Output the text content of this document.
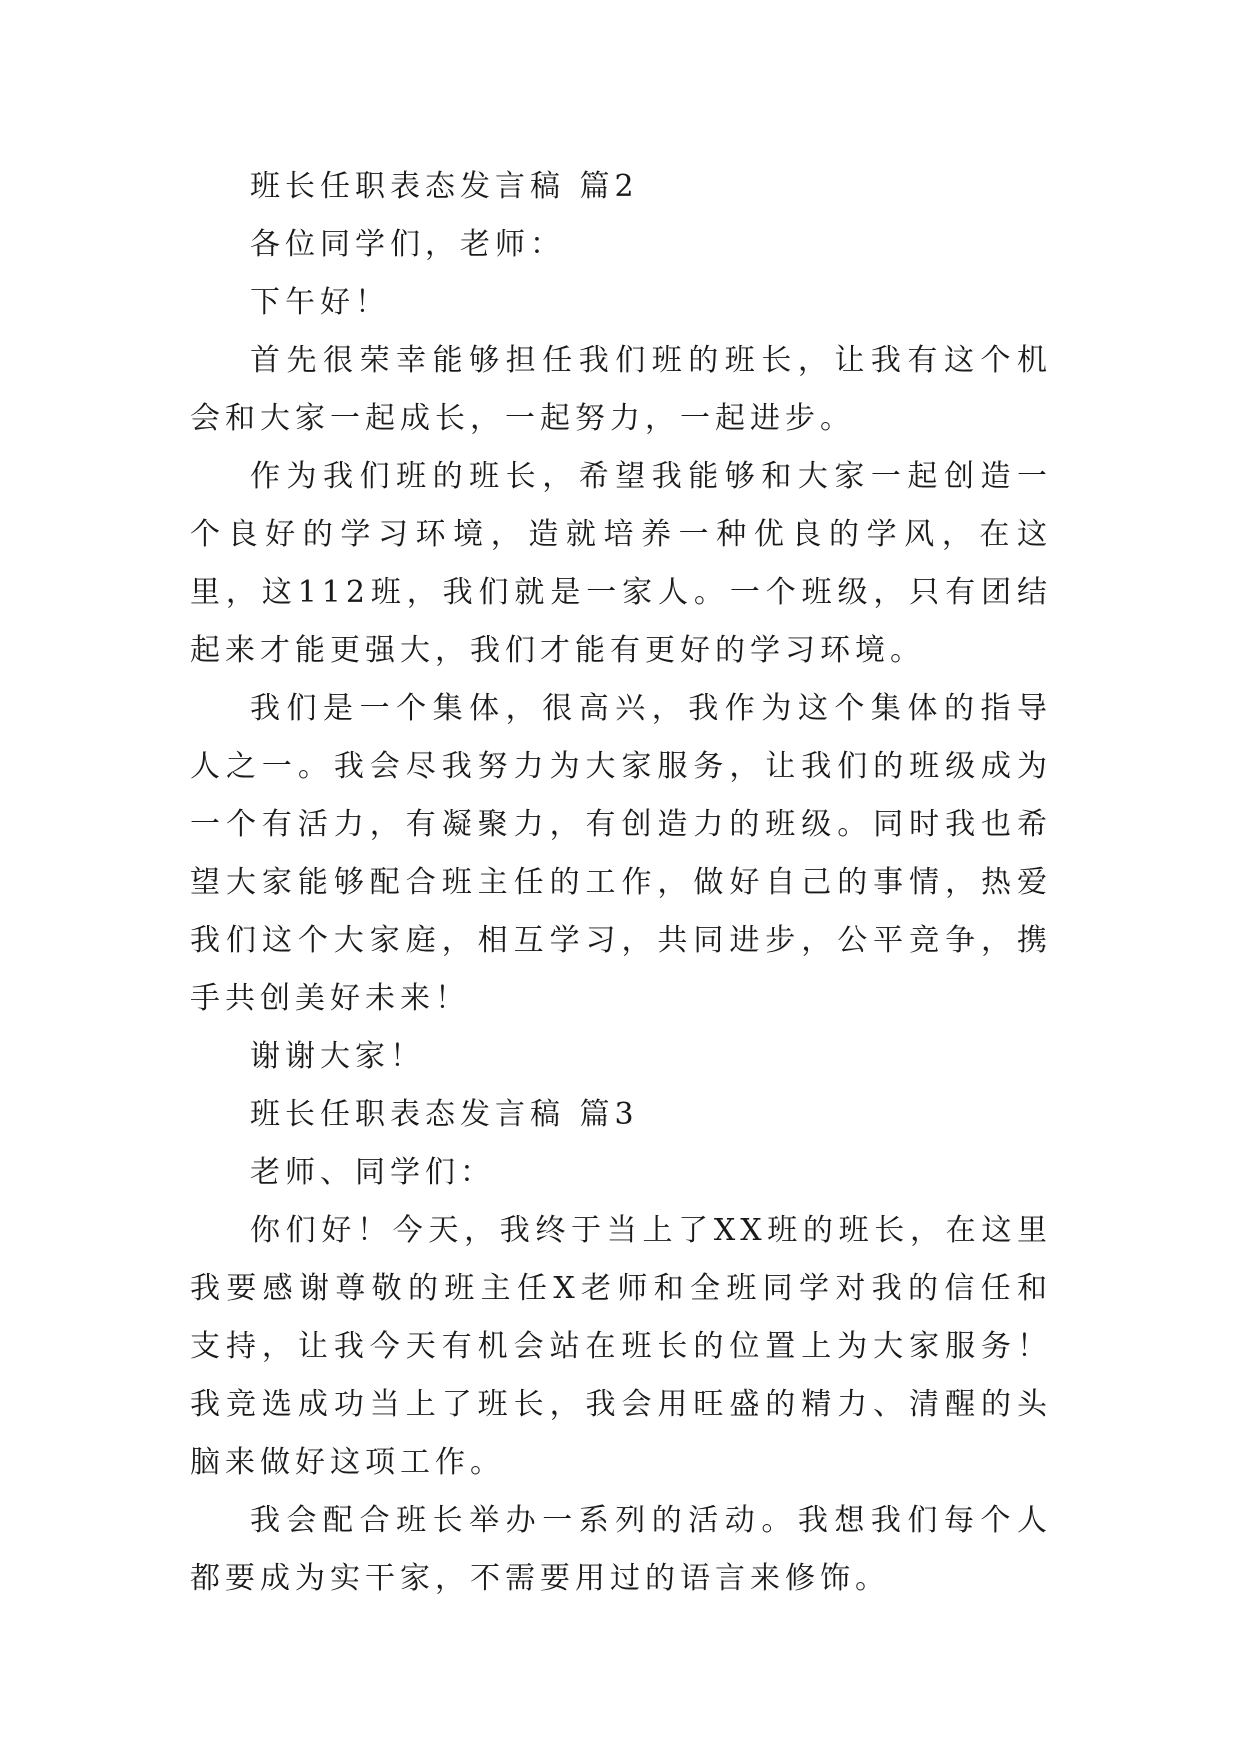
班长任职表态发言稿 篇2

各位同学们，老师：

下午好！

首先很荣幸能够担任我们班的班长，让我有这个机会和大家一起成长，一起努力，一起进步。

作为我们班的班长，希望我能够和大家一起创造一个良好的学习环境，造就培养一种优良的学风，在这里，这112班，我们就是一家人。一个班级，只有团结起来才能更强大，我们才能有更好的学习环境。

我们是一个集体，很高兴，我作为这个集体的指导人之一。我会尽我努力为大家服务，让我们的班级成为一个有活力，有凝聚力，有创造力的班级。同时我也希望大家能够配合班主任的工作，做好自己的事情，热爱我们这个大家庭，相互学习，共同进步，公平竞争，携手共创美好未来！

谢谢大家！

班长任职表态发言稿 篇3

老师、同学们：

你们好！今天，我终于当上了XX班的班长，在这里我要感谢尊敬的班主任X老师和全班同学对我的信任和支持，让我今天有机会站在班长的位置上为大家服务！我竞选成功当上了班长，我会用旺盛的精力、清醒的头脑来做好这项工作。

我会配合班长举办一系列的活动。我想我们每个人都要成为实干家，不需要用过的语言来修饰。
